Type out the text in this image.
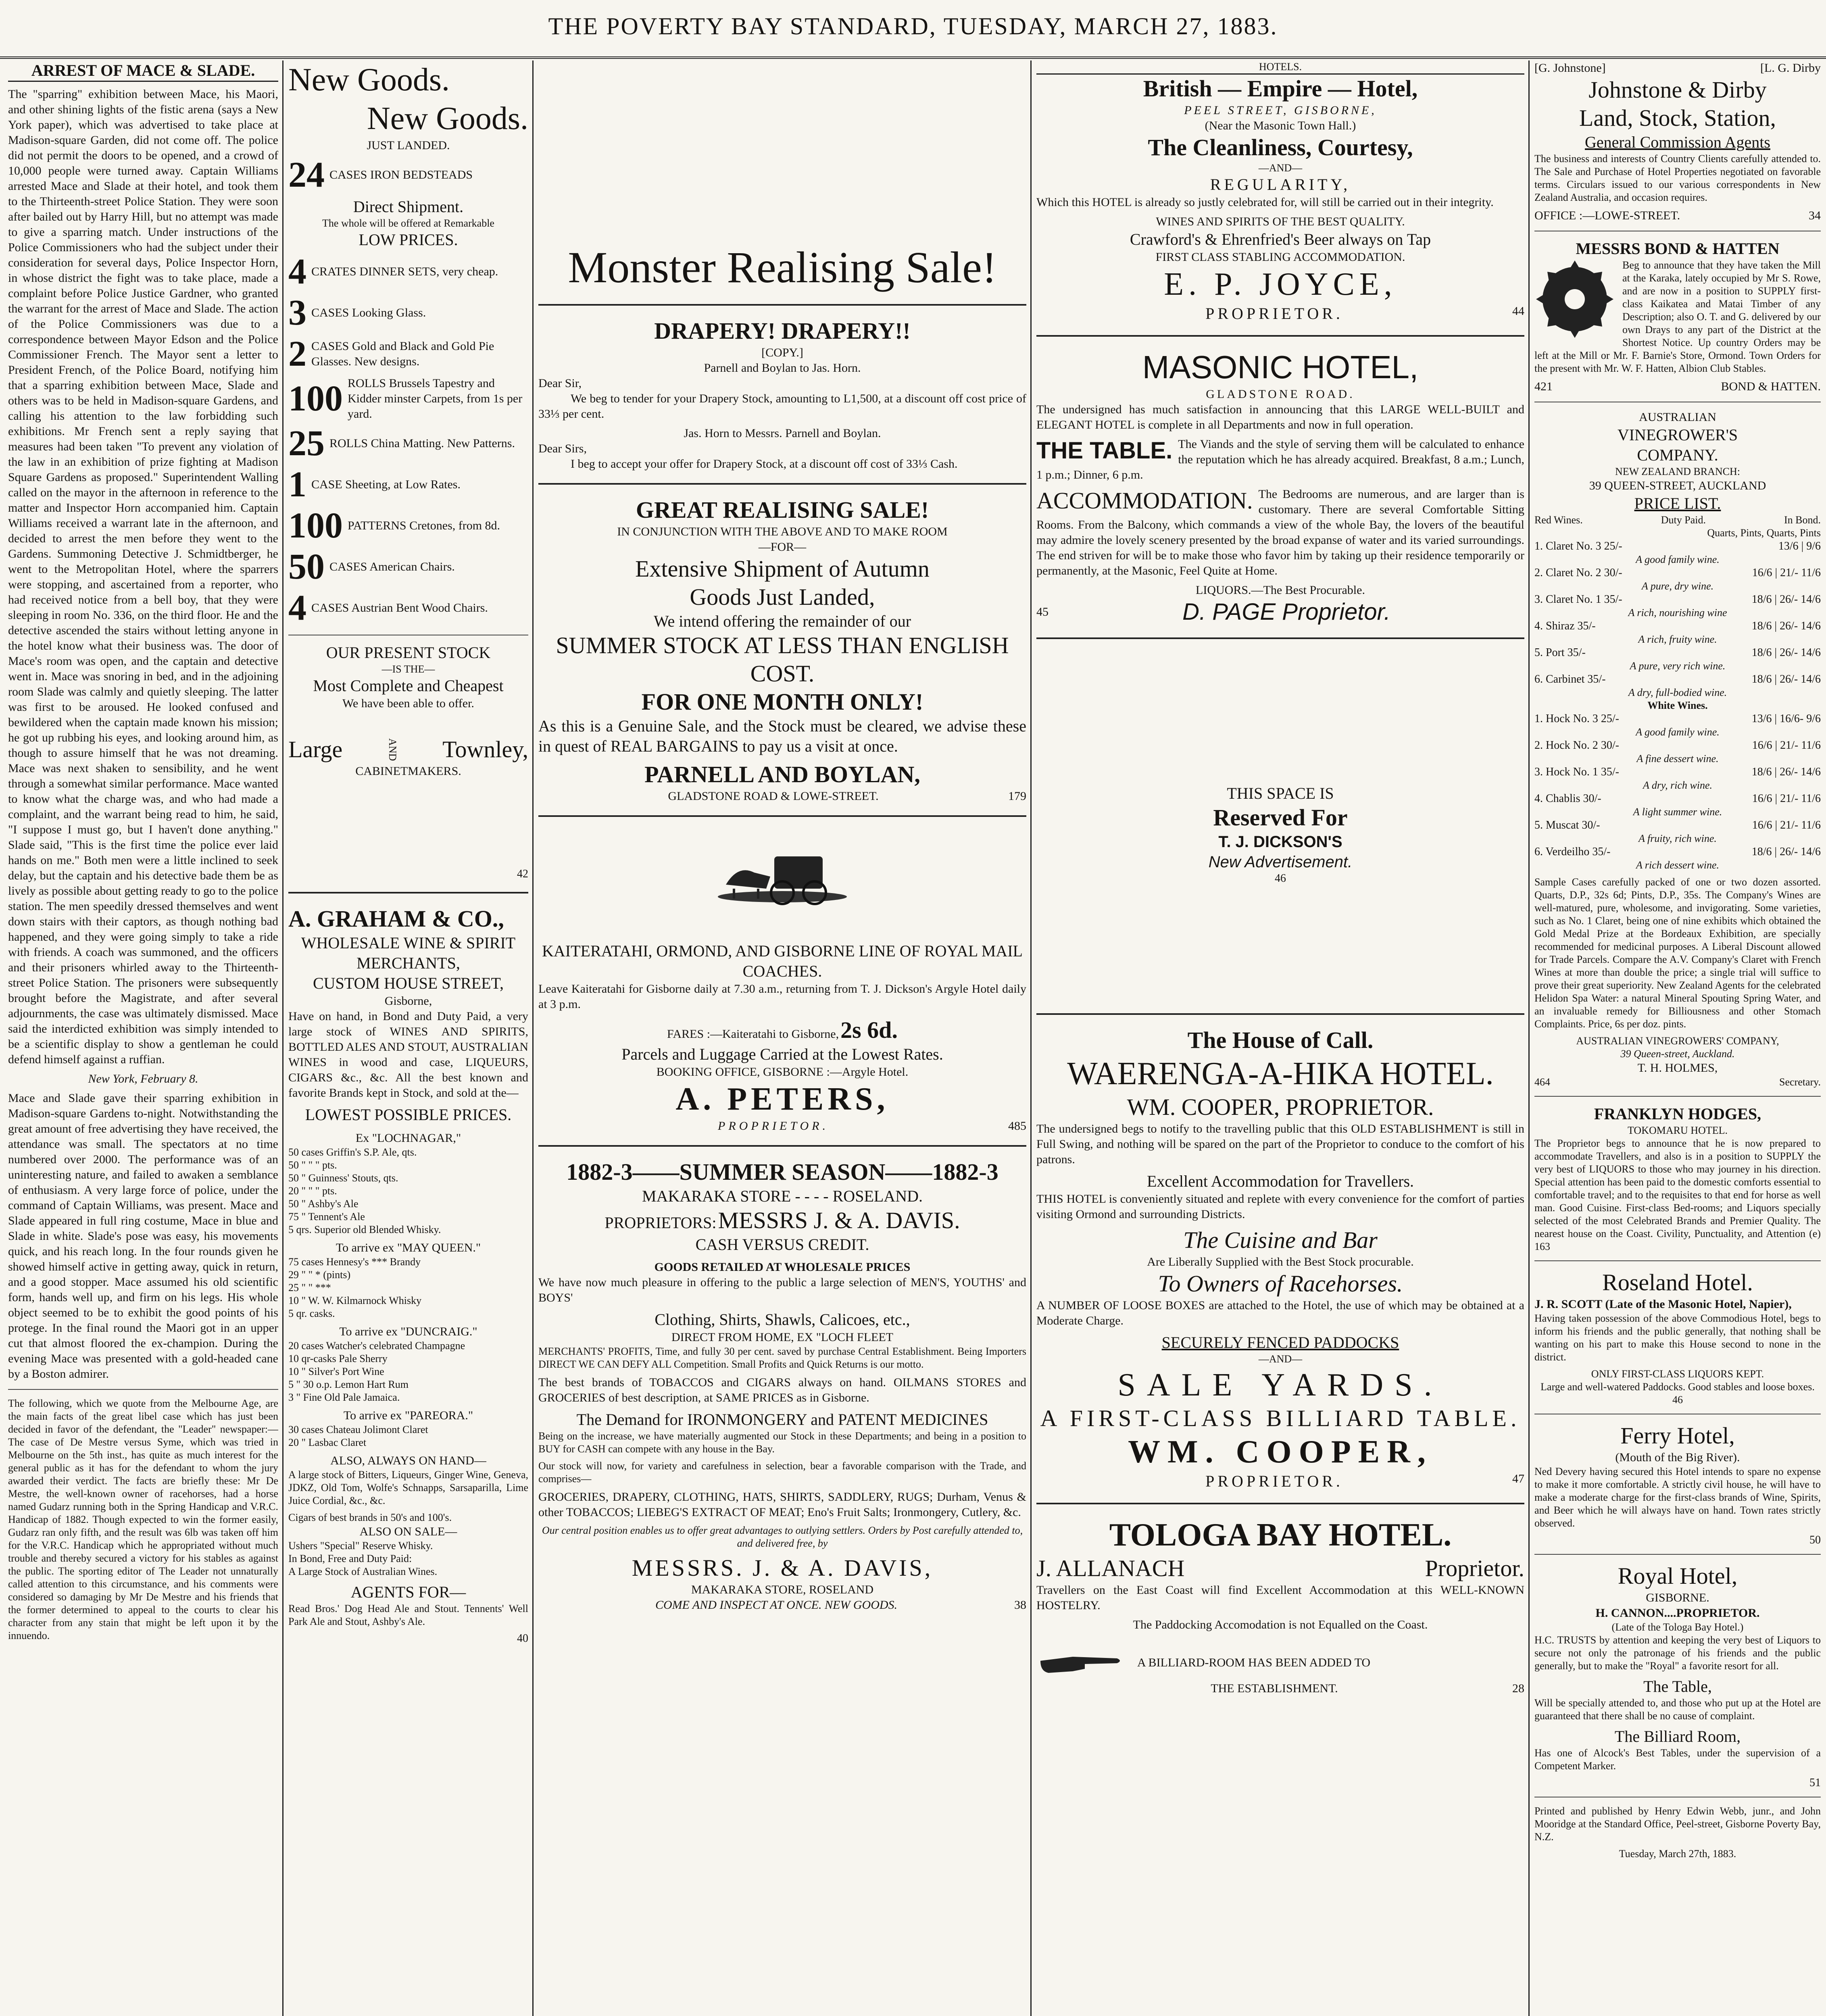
THE POVERTY BAY STANDARD, TUESDAY, MARCH 27, 1883.
ARREST OF MACE & SLADE.

The "sparring" exhibition between Mace, his Maori, and other shining lights of the fistic arena (says a New York paper), which was advertised to take place at Madison-square Garden, did not come off. The police did not permit the doors to be opened, and a crowd of 10,000 people were turned away. Captain Williams arrested Mace and Slade at their hotel, and took them to the Thirteenth-street Police Station. They were soon after bailed out by Harry Hill, but no attempt was made to give a sparring match. Under instructions of the Police Commissioners who had the subject under their consideration for several days, Police Inspector Horn, in whose district the fight was to take place, made a complaint before Police Justice Gardner, who granted the warrant for the arrest of Mace and Slade. The action of the Police Commissioners was due to a correspondence between Mayor Edson and the Police Commissioner French. The Mayor sent a letter to President French, of the Police Board, notifying him that a sparring exhibition between Mace, Slade and others was to be held in Madison-square Gardens, and calling his attention to the law forbidding such exhibitions. Mr French sent a reply saying that measures had been taken "To prevent any violation of the law in an exhibition of prize fighting at Madison Square Gardens as proposed." Superintendent Walling called on the mayor in the afternoon in reference to the matter and Inspector Horn accompanied him. Captain Williams received a warrant late in the afternoon, and decided to arrest the men before they went to the Gardens. Summoning Detective J. Schmidtberger, he went to the Metropolitan Hotel, where the sparrers were stopping, and ascertained from a reporter, who had received notice from a bell boy, that they were sleeping in room No. 336, on the third floor. He and the detective ascended the stairs without letting anyone in the hotel know what their business was. The door of Mace's room was open, and the captain and detective went in. Mace was snoring in bed, and in the adjoining room Slade was calmly and quietly sleeping. The latter was first to be aroused. He looked confused and bewildered when the captain made known his mission; he got up rubbing his eyes, and looking around him, as though to assure himself that he was not dreaming. Mace was next shaken to sensibility, and he went through a somewhat similar performance. Mace wanted to know what the charge was, and who had made a complaint, and the warrant being read to him, he said, "I suppose I must go, but I haven't done anything." Slade said, "This is the first time the police ever laid hands on me." Both men were a little inclined to seek delay, but the captain and his detective bade them be as lively as possible about getting ready to go to the police station. The men speedily dressed themselves and went down stairs with their captors, as though nothing bad happened, and they were going simply to take a ride with friends. A coach was summoned, and the officers and their prisoners whirled away to the Thirteenth-street Police Station. The prisoners were subsequently brought before the Magistrate, and after several adjournments, the case was ultimately dismissed. Mace said the interdicted exhibition was simply intended to be a scientific display to show a gentleman he could defend himself against a ruffian.

New York, February 8.

Mace and Slade gave their sparring exhibition in Madison-square Gardens to-night. Notwithstanding the great amount of free advertising they have received, the attendance was small. The spectators at no time numbered over 2000. The performance was of an uninteresting nature, and failed to awaken a semblance of enthusiasm. A very large force of police, under the command of Captain Williams, was present. Mace and Slade appeared in full ring costume, Mace in blue and Slade in white. Slade's pose was easy, his movements quick, and his reach long. In the four rounds given he showed himself active in getting away, quick in return, and a good stopper. Mace assumed his old scientific form, hands well up, and firm on his legs. His whole object seemed to be to exhibit the good points of his protege. In the final round the Maori got in an upper cut that almost floored the ex-champion. During the evening Mace was presented with a gold-headed cane by a Boston admirer.

The following, which we quote from the Melbourne Age, are the main facts of the great libel case which has just been decided in favor of the defendant, the "Leader" newspaper:—The case of De Mestre versus Syme, which was tried in Melbourne on the 5th inst., has quite as much interest for the general public as it has for the defendant to whom the jury awarded their verdict. The facts are briefly these: Mr De Mestre, the well-known owner of racehorses, had a horse named Gudarz running both in the Spring Handicap and V.R.C. Handicap of 1882. Though expected to win the former easily, Gudarz ran only fifth, and the result was 6lb was taken off him for the V.R.C. Handicap which he appropriated without much trouble and thereby secured a victory for his stables as against the public. The sporting editor of The Leader not unnaturally called attention to this circumstance, and his comments were considered so damaging by Mr De Mestre and his friends that the former determined to appeal to the courts to clear his character from any stain that might be left upon it by the innuendo.

New Goods.
New Goods.
JUST LANDED.
24 CASES IRON BEDSTEADS
Direct Shipment.
The whole will be offered at Remarkable
LOW PRICES.
4 CRATES DINNER SETS, very cheap.
3 CASES Looking Glass.
2 CASES Gold and Black and Gold Pie Glasses. New designs.
100 ROLLS Brussels Tapestry and Kidder minster Carpets, from 1s per yard.
25 ROLLS China Matting. New Patterns.
1 CASE Sheeting, at Low Rates.
100 PATTERNS Cretones, from 8d.
50 CASES American Chairs.
4 CASES Austrian Bent Wood Chairs.
OUR PRESENT STOCK
—IS THE—
Most Complete and Cheapest
We have been able to offer.
Large	AND Townley,
CABINETMAKERS.
42
A. GRAHAM & CO.,
WHOLESALE WINE & SPIRIT
MERCHANTS,
CUSTOM HOUSE STREET,
Gisborne,

Have on hand, in Bond and Duty Paid, a very large stock of WINES AND SPIRITS, BOTTLED ALES AND STOUT, AUSTRALIAN WINES in wood and case, LIQUEURS, CIGARS &c., &c. All the best known and favorite Brands kept in Stock, and sold at the—

LOWEST POSSIBLE PRICES.
Ex "LOCHNAGAR,"
50 cases Griffin's S.P. Ale, qts.
50 " " " pts.
50 " Guinness' Stouts, qts.
20 " " " pts.
50 " Ashby's Ale
75 " Tennent's Ale
5 qrs. Superior old Blended Whisky.
To arrive ex "MAY QUEEN."
75 cases Hennesy's *** Brandy
29 " " * (pints)
25 " " ***
10 " W. W. Kilmarnock Whisky
5 qr. casks.
To arrive ex "DUNCRAIG."
20 cases Watcher's celebrated Champagne
10 qr-casks Pale Sherry
10 " Silver's Port Wine
5 " 30 o.p. Lemon Hart Rum
3 " Fine Old Pale Jamaica.
To arrive ex "PAREORA."
30 cases Chateau Jolimont Claret
20 " Lasbac Claret
ALSO, ALWAYS ON HAND—

A large stock of Bitters, Liqueurs, Ginger Wine, Geneva, JDKZ, Old Tom, Wolfe's Schnapps, Sarsaparilla, Lime Juice Cordial, &c., &c.

Cigars of best brands in 50's and 100's.
ALSO ON SALE—
Ushers "Special" Reserve Whisky.
In Bond, Free and Duty Paid:
A Large Stock of Australian Wines.
AGENTS FOR—

Read Bros.' Dog Head Ale and Stout. Tennents' Well Park Ale and Stout, Ashby's Ale.

40
Monster Realising Sale!
DRAPERY! DRAPERY!!
[COPY.]
Parnell and Boylan to Jas. Horn.
Dear Sir,

We beg to tender for your Drapery Stock, amounting to L1,500, at a discount off cost price of 33⅓ per cent.

Jas. Horn to Messrs. Parnell and Boylan.
Dear Sirs,

I beg to accept your offer for Drapery Stock, at a discount off cost of 33⅓ Cash.

GREAT REALISING SALE!
IN CONJUNCTION WITH THE ABOVE AND TO MAKE ROOM
—FOR—
Extensive Shipment of Autumn
Goods Just Landed,
We intend offering the remainder of our
SUMMER STOCK AT LESS THAN ENGLISH COST.
FOR ONE MONTH ONLY!

As this is a Genuine Sale, and the Stock must be cleared, we advise these in quest of REAL BARGAINS to pay us a visit at once.

PARNELL AND BOYLAN,
GLADSTONE ROAD & LOWE-STREET.	179
KAITERATAHI, ORMOND, AND GISBORNE LINE OF ROYAL MAIL COACHES.

Leave Kaiteratahi for Gisborne daily at 7.30 a.m., returning from T. J. Dickson's Argyle Hotel daily at 3 p.m.

FARES :—Kaiteratahi to Gisborne, 2s 6d.
Parcels and Luggage Carried at the Lowest Rates.
BOOKING OFFICE, GISBORNE :—Argyle Hotel.
A. PETERS,
PROPRIETOR.	485
1882-3——SUMMER SEASON——1882-3
MAKARAKA STORE - - - - ROSELAND.
PROPRIETORS: MESSRS J. & A. DAVIS.
CASH VERSUS CREDIT.
GOODS RETAILED AT WHOLESALE PRICES

We have now much pleasure in offering to the public a large selection of MEN'S, YOUTHS' and BOYS'

Clothing, Shirts, Shawls, Calicoes, etc.,
DIRECT FROM HOME, EX "LOCH FLEET

MERCHANTS' PROFITS, Time, and fully 30 per cent. saved by purchase Central Establishment. Being Importers DIRECT WE CAN DEFY ALL Competition. Small Profits and Quick Returns is our motto.

The best brands of TOBACCOS and CIGARS always on hand. OILMANS STORES and GROCERIES of best description, at SAME PRICES as in Gisborne.

The Demand for IRONMONGERY and PATENT MEDICINES

Being on the increase, we have materially augmented our Stock in these Departments; and being in a position to BUY for CASH can compete with any house in the Bay.

Our stock will now, for variety and carefulness in selection, bear a favorable comparison with the Trade, and comprises—

GROCERIES, DRAPERY, CLOTHING, HATS, SHIRTS, SADDLERY, RUGS; Durham, Venus & other TOBACCOS; LIEBEG'S EXTRACT OF MEAT; Eno's Fruit Salts; Ironmongery, Cutlery, &c.

Our central position enables us to offer great advantages to outlying settlers. Orders by Post carefully attended to, and delivered free, by

MESSRS. J. & A. DAVIS,
MAKARAKA STORE, ROSELAND
COME AND INSPECT AT ONCE. NEW GOODS.	38
HOTELS.
British — Empire — Hotel,
PEEL STREET, GISBORNE,
(Near the Masonic Town Hall.)
The Cleanliness, Courtesy,
—AND—
REGULARITY,

Which this HOTEL is already so justly celebrated for, will still be carried out in their integrity.

WINES AND SPIRITS OF THE BEST QUALITY.
Crawford's & Ehrenfried's Beer always on Tap
FIRST CLASS STABLING ACCOMMODATION.
E. P. JOYCE,
PROPRIETOR.	44
MASONIC HOTEL,
GLADSTONE ROAD.

The undersigned has much satisfaction in announcing that this LARGE WELL-BUILT and ELEGANT HOTEL is complete in all Departments and now in full operation.

THE TABLE. The Viands and the style of serving them will be calculated to enhance the reputation which he has already acquired. Breakfast, 8 a.m.; Lunch, 1 p.m.; Dinner, 6 p.m.

ACCOMMODATION. The Bedrooms are numerous, and are larger than is customary. There are several Comfortable Sitting Rooms. From the Balcony, which commands a view of the whole Bay, the lovers of the beautiful may admire the lovely scenery presented by the broad expanse of water and its varied surroundings. The end striven for will be to make those who favor him by taking up their residence temporarily or permanently, at the Masonic, Feel Quite at Home.

LIQUORS.—The Best Procurable.
45	D. PAGE Proprietor.
THIS SPACE IS
Reserved For
T. J. DICKSON'S
New Advertisement.
46
The House of Call.
WAERENGA-A-HIKA HOTEL.
WM. COOPER, PROPRIETOR.

The undersigned begs to notify to the travelling public that this OLD ESTABLISHMENT is still in Full Swing, and nothing will be spared on the part of the Proprietor to conduce to the comfort of his patrons.

Excellent Accommodation for Travellers.

THIS HOTEL is conveniently situated and replete with every convenience for the comfort of parties visiting Ormond and surrounding Districts.

The Cuisine and Bar
Are Liberally Supplied with the Best Stock procurable.
To Owners of Racehorses.

A NUMBER OF LOOSE BOXES are attached to the Hotel, the use of which may be obtained at a Moderate Charge.

SECURELY FENCED PADDOCKS
—AND—
SALE YARDS.
A FIRST-CLASS BILLIARD TABLE.
WM. COOPER,
PROPRIETOR.	47
TOLOGA BAY HOTEL.
J. ALLANACH	Proprietor.

Travellers on the East Coast will find Excellent Accommodation at this WELL-KNOWN HOSTELRY.

The Paddocking Accomodation is not Equalled on the Coast.
A BILLIARD-ROOM HAS BEEN ADDED TO
THE ESTABLISHMENT.	28
[G. Johnstone]	[L. G. Dirby
Johnstone & Dirby
Land, Stock, Station,
General Commission Agents

The business and interests of Country Clients carefully attended to. The Sale and Purchase of Hotel Properties negotiated on favorable terms. Circulars issued to our various correspondents in New Zealand Australia, and occasion requires.

OFFICE :—LOWE-STREET.	34
MESSRS BOND & HATTEN

Beg to announce that they have taken the Mill at the Karaka, lately occupied by Mr S. Rowe, and are now in a position to SUPPLY first-class Kaikatea and Matai Timber of any Description; also O. T. and G. delivered by our own Drays to any part of the District at the Shortest Notice. Up country Orders may be left at the Mill or Mr. F. Barnie's Store, Ormond. Town Orders for the present with Mr. W. F. Hatten, Albion Club Stables.

421	BOND & HATTEN.
AUSTRALIAN
VINEGROWER'S
COMPANY.
NEW ZEALAND BRANCH:
39 QUEEN-STREET, AUCKLAND
PRICE LIST.
Red Wines.	Duty Paid.	In Bond.
Quarts, Pints, Quarts, Pints
1. Claret No. 3 25/-	13/6 | 9/6
A good family wine.
2. Claret No. 2 30/-	16/6 | 21/- 11/6
A pure, dry wine.
3. Claret No. 1 35/-	18/6 | 26/- 14/6
A rich, nourishing wine
4. Shiraz 35/-	18/6 | 26/- 14/6
A rich, fruity wine.
5. Port 35/-	18/6 | 26/- 14/6
A pure, very rich wine.
6. Carbinet 35/-	18/6 | 26/- 14/6
A dry, full-bodied wine.
White Wines.
1. Hock No. 3 25/-	13/6 | 16/6- 9/6
A good family wine.
2. Hock No. 2 30/-	16/6 | 21/- 11/6
A fine dessert wine.
3. Hock No. 1 35/-	18/6 | 26/- 14/6
A dry, rich wine.
4. Chablis 30/-	16/6 | 21/- 11/6
A light summer wine.
5. Muscat 30/-	16/6 | 21/- 11/6
A fruity, rich wine.
6. Verdeilho 35/-	18/6 | 26/- 14/6
A rich dessert wine.

Sample Cases carefully packed of one or two dozen assorted. Quarts, D.P., 32s 6d; Pints, D.P., 35s. The Company's Wines are well-matured, pure, wholesome, and invigorating. Some varieties, such as No. 1 Claret, being one of nine exhibits which obtained the Gold Medal Prize at the Bordeaux Exhibition, are specially recommended for medicinal purposes. A Liberal Discount allowed for Trade Parcels. Compare the A.V. Company's Claret with French Wines at more than double the price; a single trial will suffice to prove their great superiority. New Zealand Agents for the celebrated Helidon Spa Water: a natural Mineral Spouting Spring Water, and an invaluable remedy for Billiousness and other Stomach Complaints. Price, 6s per doz. pints.

AUSTRALIAN VINEGROWERS' COMPANY,
39 Queen-street, Auckland.
T. H. HOLMES,
464	Secretary.
FRANKLYN HODGES,
TOKOMARU HOTEL.

The Proprietor begs to announce that he is now prepared to accommodate Travellers, and also is in a position to SUPPLY the very best of LIQUORS to those who may journey in his direction. Special attention has been paid to the domestic comforts essential to comfortable travel; and to the requisites to that end for horse as well man. Good Cuisine. First-class Bed-rooms; and Liquors specially selected of the most Celebrated Brands and Premier Quality. The nearest house on the Coast. Civility, Punctuality, and Attention (e) 163

Roseland Hotel.
J. R. SCOTT (Late of the Masonic Hotel, Napier),

Having taken possession of the above Commodious Hotel, begs to inform his friends and the public generally, that nothing shall be wanting on his part to make this House second to none in the district.

ONLY FIRST-CLASS LIQUORS KEPT.
Large and well-watered Paddocks. Good stables and loose boxes. 46
Ferry Hotel,
(Mouth of the Big River).

Ned Devery having secured this Hotel intends to spare no expense to make it more comfortable. A strictly civil house, he will have to make a moderate charge for the first-class brands of Wine, Spirits, and Beer which he will always have on hand. Town rates strictly observed.

50
Royal Hotel,
GISBORNE.
H. CANNON....PROPRIETOR.
(Late of the Tologa Bay Hotel.)

H.C. TRUSTS by attention and keeping the very best of Liquors to secure not only the patronage of his friends and the public generally, but to make the "Royal" a favorite resort for all.

The Table,

Will be specially attended to, and those who put up at the Hotel are guaranteed that there shall be no cause of complaint.

The Billiard Room,

Has one of Alcock's Best Tables, under the supervision of a Competent Marker.

51

Printed and published by Henry Edwin Webb, junr., and John Mooridge at the Standard Office, Peel-street, Gisborne Poverty Bay, N.Z.

Tuesday, March 27th, 1883.
